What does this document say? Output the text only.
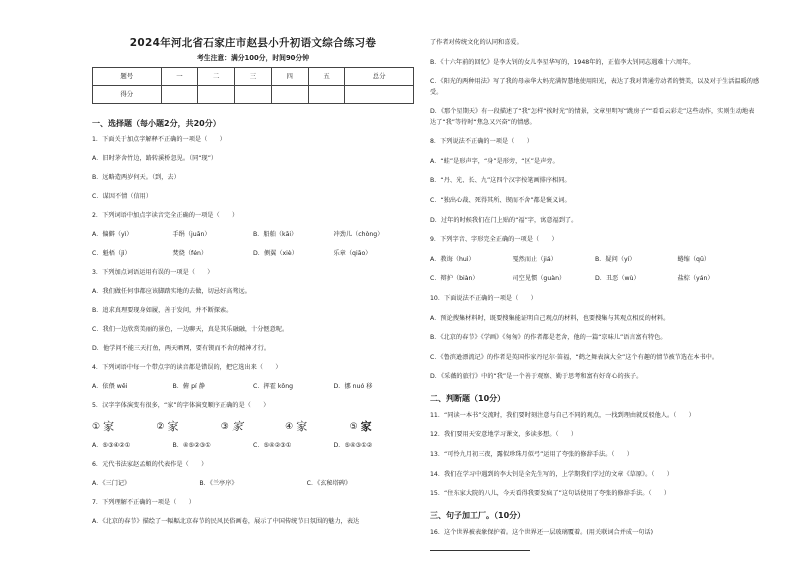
2024年河北省石家庄市赵县小升初语文综合练习卷
考生注意：满分100分，时间90分钟
题号	一	二	三	四	五	总分
得分						
一、选择题（每小题2分，共20分）
1．下面关于加点字解释不正确的一项是（　　）
A．旧时茅舍竹边，路转溪桥忽见。（同“现”）
B．远略造两岁何天。（到，去）
C．谋因不情（信用）
2．下列词语中加点字读音完全正确的一项是（　　）
A．偏僻（yì）	手绢（juān）	B．船舶（kāi）	冲劲儿（chòng）
C．魁梧（jì）	焚烧（fén）	D．侧翼（xiè）	乐章（qiāo）
3．下列加点词语运用有误的一项是（　　）
A．我们做任何事都应该脚踏实地的去做，切忌好高骛远。
B．追求真理要现身如履，善于发问，并不断探索。
C．我们一边欣赏美丽的景色，一边聊天，真是其乐融融，十分惬意呢。
D．他学问不能三天打鱼，两天晒网，要有锲而不舍的精神才行。
4．下列词语中每一个带点字的读音都是错误的，把它选出来（　　）
A．依偎 wēi	B．俯 pí 静	C．挥霍 kōng	D．挪 nuó 移
5．汉字字体演变有很多，“家”的字体演变顺序正确的是（　　）
① 家	② 家	③ 家	④ 家	⑤ 家
A．⑤③④②①	B．④⑤②③①	C．⑤④②③①	D．⑤④③①②
6．元代书法家赵孟頫的代表作是（　　）
A．《三门记》	B．《兰亭序》	C．《玄秘塔碑》
7．下列理解不正确的一项是（　　）
A．《北京的春节》描绘了一幅幅北京春节的民风民俗画卷，展示了中国传统节日氛围的魅力，表达
了作者对传统文化的认同和喜爱。
B．《十六年前的回忆》是李大钊的女儿李星华写的，1948年的，正值李大钊同志遇难十六周年。
C．《阳光的两种用法》写了我的母亲华大妈充满智慧地使用阳光，表达了我对普通劳动者的赞美，以及对于生活温暖的感受。
D．《那个星期天》有一段描述了“我”怎样“挨时光”的情景，文章里明写“跳房子”“看看云彩走”这些动作，实则生动地表达了“我”等待时“焦急又兴奋”的情感。
8．下列说法不正确的一项是（　　）
A．“蛙”是形声字，“身”是形旁，“区”是声旁。
B．“丹、光、长、九”这四个汉字按笔画排序相同。
C．“独出心裁、死得其所、锲而不舍”都是褒义词。
D．过年的时候我们在门上贴的“福”字，寓意福到了。
9．下列字音、字形完全正确的一项是（　　）
A．教诲（huì）	戛然而止（jiá）	B．疑问（yí）	蜷缩（qū）
C．辩护（biàn）	司空见惯（guàn）	D．丑恶（wù）	盐棕（yán）
10．下面说法不正确的一项是（　　）
A．预论搜集材料时，既要搜集能证明自己观点的材料，也要搜集与其观点相反的材料。
B．《北京的春节》《学画》《匆匆》的作者都是老舍，他的一篇“京味儿”语言富有特色。
C．《鲁滨逊漂流记》的作者是英国作家丹尼尔·笛福，“鹤之舞表演大全”这个有趣的情节被节选在本书中。
D．《采薇的旅行》中的“我”是一个善于观察、勤于思考和富有好奇心的孩子。
二、判断题（10分）
11．“同读一本书”交流时，我们要时刻注意与自己不同的观点，一找到理由就反驳他人。（　　）
12．我们要用天安意地学习课文，多读多想。（　　）
13．“可怜九月初三夜，露似珍珠月似弓”运用了夸张的修辞手法。（　　）
14．我们在学习中遇到的李大钊是全先生写的，上学期我们学过的文章《草原》。（　　）
15．“住东家大院的八儿，今天看得我要发疯了”这句话使用了夸张的修辞手法。（　　）
三、句子加工厂。（10分）
16．这个世界被表象保护着。这个世界还一层玻璃覆着。(用关联词合并成一句话)
